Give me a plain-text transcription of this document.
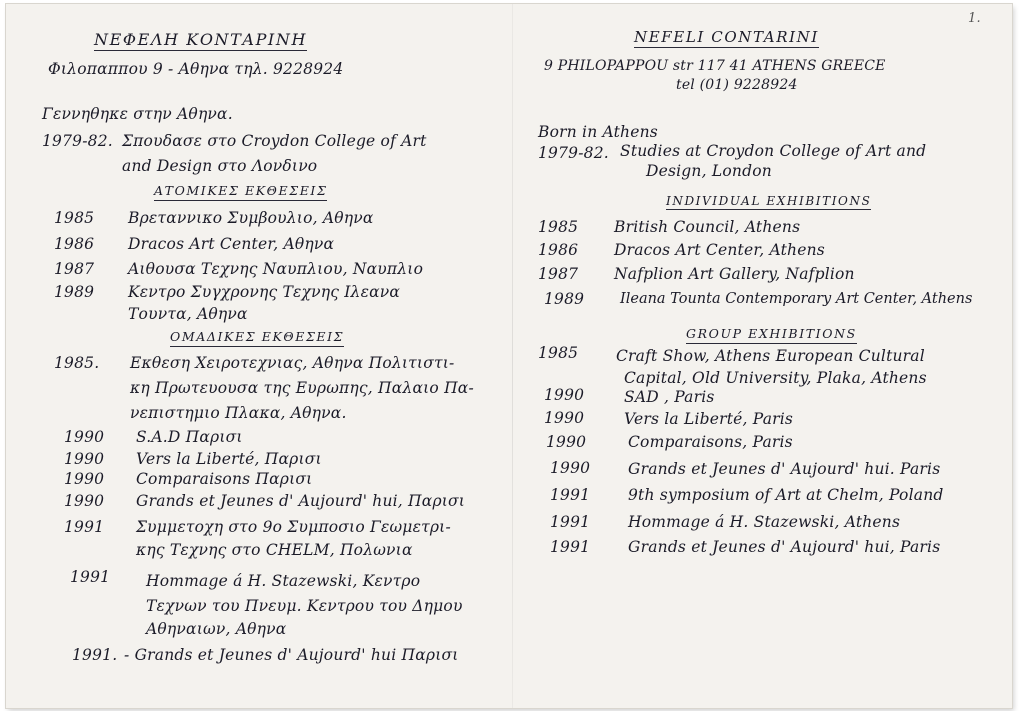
1.
ΝΕΦΕΛΗ ΚΟΝΤΑΡΙΝΗ
Φιλοπαππου 9 - Αθηνα τηλ. 9228924
Γεννηθηκε στην Αθηνα.
1979-82. Σπουδασε στο Croydon College of Art
and Design στο Λονδινο
ΑΤΟΜΙΚΕΣ ΕΚΘΕΣΕΙΣ
1985 Βρεταννικο Συμβουλιο, Αθηνα
1986 Dracos Art Center, Αθηνα
1987 Αιθουσα Τεχνης Ναυπλιου, Ναυπλιο
1989 Κεντρο Συγχρονης Τεχνης Ιλεανα
Τουντα, Αθηνα
ΟΜΑΔΙΚΕΣ ΕΚΘΕΣΕΙΣ
1985. Εκθεση Χειροτεχνιας, Αθηνα Πολιτιστι-
κη Πρωτευουσα της Ευρωπης, Παλαιο Πα-
νεπιστημιο Πλακα, Αθηνα.
1990 S.A.D Παρισι
1990 Vers la Liberté, Παρισι
1990 Comparaisons Παρισι
1990 Grands et Jeunes d' Aujourd' hui, Παρισι
1991 Συμμετοχη στο 9ο Συμποσιο Γεωμετρι-
κης Τεχνης στο CHELM, Πολωνια
1991 Hommage á H. Stazewski, Κεντρο
Τεχνων του Πνευμ. Κεντρου του Δημου
Αθηναιων, Αθηνα
1991. - Grands et Jeunes d' Aujourd' hui Παρισι
NEFELI CONTARINI
9 PHILOPAPPOU str 117 41 ATHENS GREECE
tel (01) 9228924
Born in Athens
1979-82. Studies at Croydon College of Art and
Design, London
INDIVIDUAL EXHIBITIONS
1985 British Council, Athens
1986 Dracos Art Center, Athens
1987 Nafplion Art Gallery, Nafplion
1989 Ileana Tounta Contemporary Art Center, Athens
GROUP EXHIBITIONS
1985 Craft Show, Athens European Cultural
Capital, Old University, Plaka, Athens
1990	SAD , Paris
1990	Vers la Liberté, Paris
1990	Comparaisons, Paris
1990 Grands et Jeunes d' Aujourd' hui. Paris
1991 9th symposium of Art at Chelm, Poland
1991 Hommage á H. Stazewski, Athens
1991 Grands et Jeunes d' Aujourd' hui, Paris
